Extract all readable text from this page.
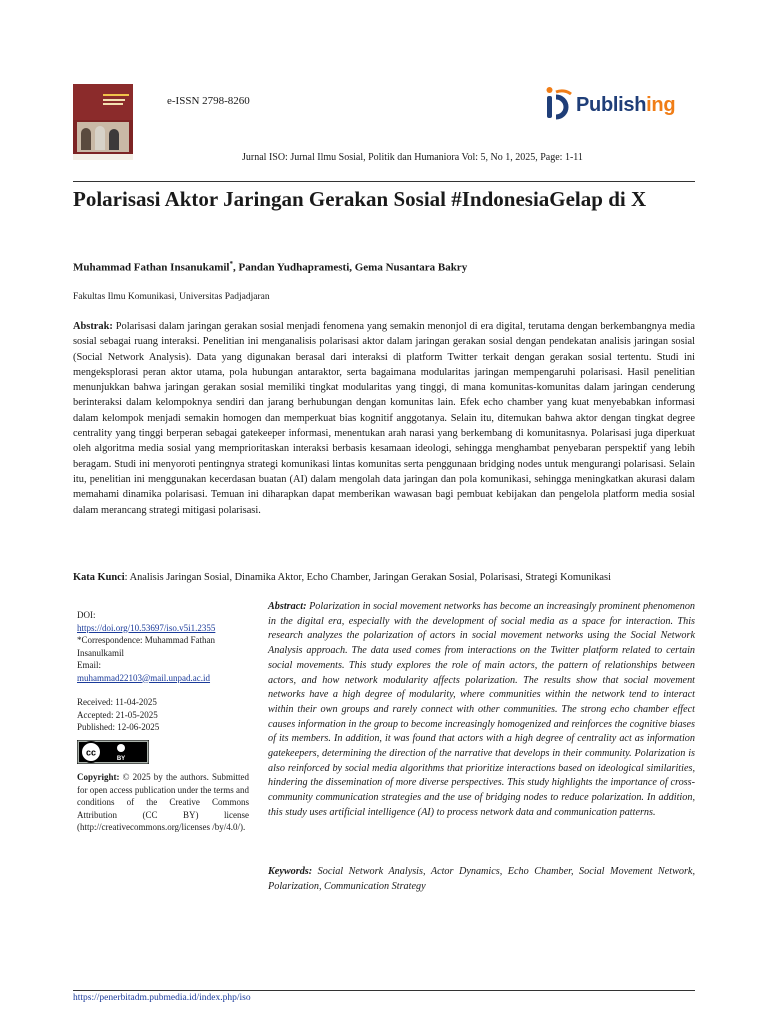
e-ISSN 2798-8260	Publishing
Jurnal ISO: Jurnal Ilmu Sosial, Politik dan Humaniora Vol: 5, No 1, 2025, Page: 1-11
Polarisasi Aktor Jaringan Gerakan Sosial #IndonesiaGelap di X
Muhammad Fathan Insanukamil*, Pandan Yudhapramesti, Gema Nusantara Bakry
Fakultas Ilmu Komunikasi, Universitas Padjadjaran
Abstrak: Polarisasi dalam jaringan gerakan sosial menjadi fenomena yang semakin menonjol di era digital, terutama dengan berkembangnya media sosial sebagai ruang interaksi. Penelitian ini menganalisis polarisasi aktor dalam jaringan gerakan sosial dengan pendekatan analisis jaringan sosial (Social Network Analysis). Data yang digunakan berasal dari interaksi di platform Twitter terkait dengan gerakan sosial tertentu. Studi ini mengeksplorasi peran aktor utama, pola hubungan antaraktor, serta bagaimana modularitas jaringan mempengaruhi polarisasi. Hasil penelitian menunjukkan bahwa jaringan gerakan sosial memiliki tingkat modularitas yang tinggi, di mana komunitas-komunitas dalam jaringan cenderung berinteraksi dalam kelompoknya sendiri dan jarang berhubungan dengan komunitas lain. Efek echo chamber yang kuat menyebabkan informasi dalam kelompok menjadi semakin homogen dan memperkuat bias kognitif anggotanya. Selain itu, ditemukan bahwa aktor dengan tingkat degree centrality yang tinggi berperan sebagai gatekeeper informasi, menentukan arah narasi yang berkembang di komunitasnya. Polarisasi juga diperkuat oleh algoritma media sosial yang memprioritaskan interaksi berbasis kesamaan ideologi, sehingga menghambat penyebaran perspektif yang lebih beragam. Studi ini menyoroti pentingnya strategi komunikasi lintas komunitas serta penggunaan bridging nodes untuk mengurangi polarisasi. Selain itu, penelitian ini menggunakan kecerdasan buatan (AI) dalam mengolah data jaringan dan pola komunikasi, sehingga meningkatkan akurasi dalam memahami dinamika polarisasi. Temuan ini diharapkan dapat memberikan wawasan bagi pembuat kebijakan dan pengelola platform media sosial dalam merancang strategi mitigasi polarisasi.
Kata Kunci: Analisis Jaringan Sosial, Dinamika Aktor, Echo Chamber, Jaringan Gerakan Sosial, Polarisasi, Strategi Komunikasi
DOI:
https://doi.org/10.53697/iso.v5i1.2355
*Correspondence: Muhammad Fathan Insanulkamil
Email:
muhammad22103@mail.unpad.ac.id
Received: 11-04-2025
Accepted: 21-05-2025
Published: 12-06-2025
cc
BY
Copyright: © 2025 by the authors. Submitted for open access publication under the terms and conditions of the Creative Commons Attribution (CC BY) license (http://creativecommons.org/licenses /by/4.0/).
Abstract: Polarization in social movement networks has become an increasingly prominent phenomenon in the digital era, especially with the development of social media as a space for interaction. This research analyzes the polarization of actors in social movement networks using the Social Network Analysis approach. The data used comes from interactions on the Twitter platform related to certain social movements. This study explores the role of main actors, the pattern of relationships between actors, and how network modularity affects polarization. The results show that social movement networks have a high degree of modularity, where communities within the network tend to interact within their own groups and rarely connect with other communities. The strong echo chamber effect causes information in the group to become increasingly homogenized and reinforces the cognitive biases of its members. In addition, it was found that actors with a high degree of centrality act as information gatekeepers, determining the direction of the narrative that develops in their community. Polarization is also reinforced by social media algorithms that prioritize interactions based on ideological similarities, hindering the dissemination of more diverse perspectives. This study highlights the importance of cross-community communication strategies and the use of bridging nodes to reduce polarization. In addition, this study uses artificial intelligence (AI) to process network data and communication patterns.
Keywords: Social Network Analysis, Actor Dynamics, Echo Chamber, Social Movement Network, Polarization, Communication Strategy
https://penerbitadm.pubmedia.id/index.php/iso
